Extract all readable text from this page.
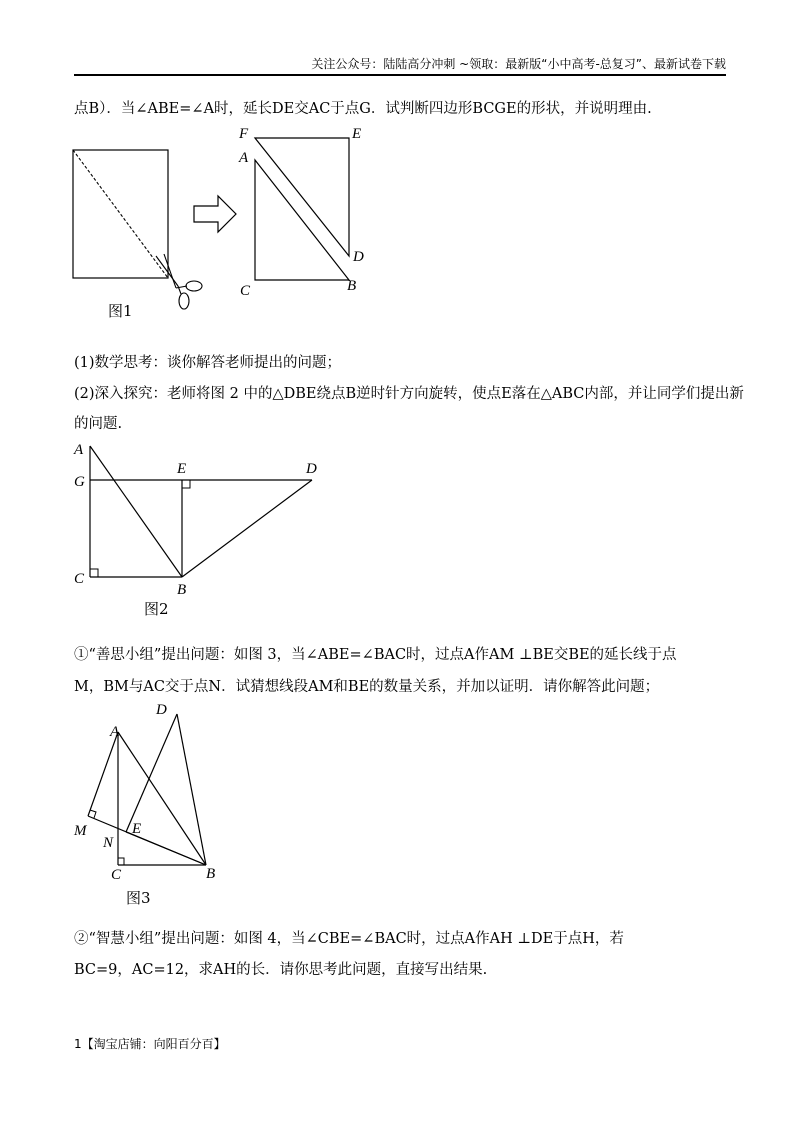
关注公众号：陆陆高分冲刺 ~领取：最新版“小中高考-总复习”、最新试卷下载
点B）．当∠ABE=∠A时，延长DE交AC于点G．试判断四边形BCGE的形状，并说明理由.
F	E
A
D
C	B
图1
(1)数学思考：谈你解答老师提出的问题；
(2)深入探究：老师将图 2 中的△DBE绕点B逆时针方向旋转，使点E落在△ABC内部，并让同学们提出新
的问题.
A
G
E	D
C
B
图2
①“善思小组”提出问题：如图 3，当∠ABE=∠BAC时，过点A作AM ⊥BE交BE的延长线于点
M，BM与AC交于点N．试猜想线段AM和BE的数量关系，并加以证明．请你解答此问题；
A
D
M	E
N
C	B
图3
②“智慧小组”提出问题：如图 4，当∠CBE=∠BAC时，过点A作AH ⊥DE于点H，若
BC=9，AC=12，求AH的长．请你思考此问题，直接写出结果.
1【淘宝店铺：向阳百分百】
